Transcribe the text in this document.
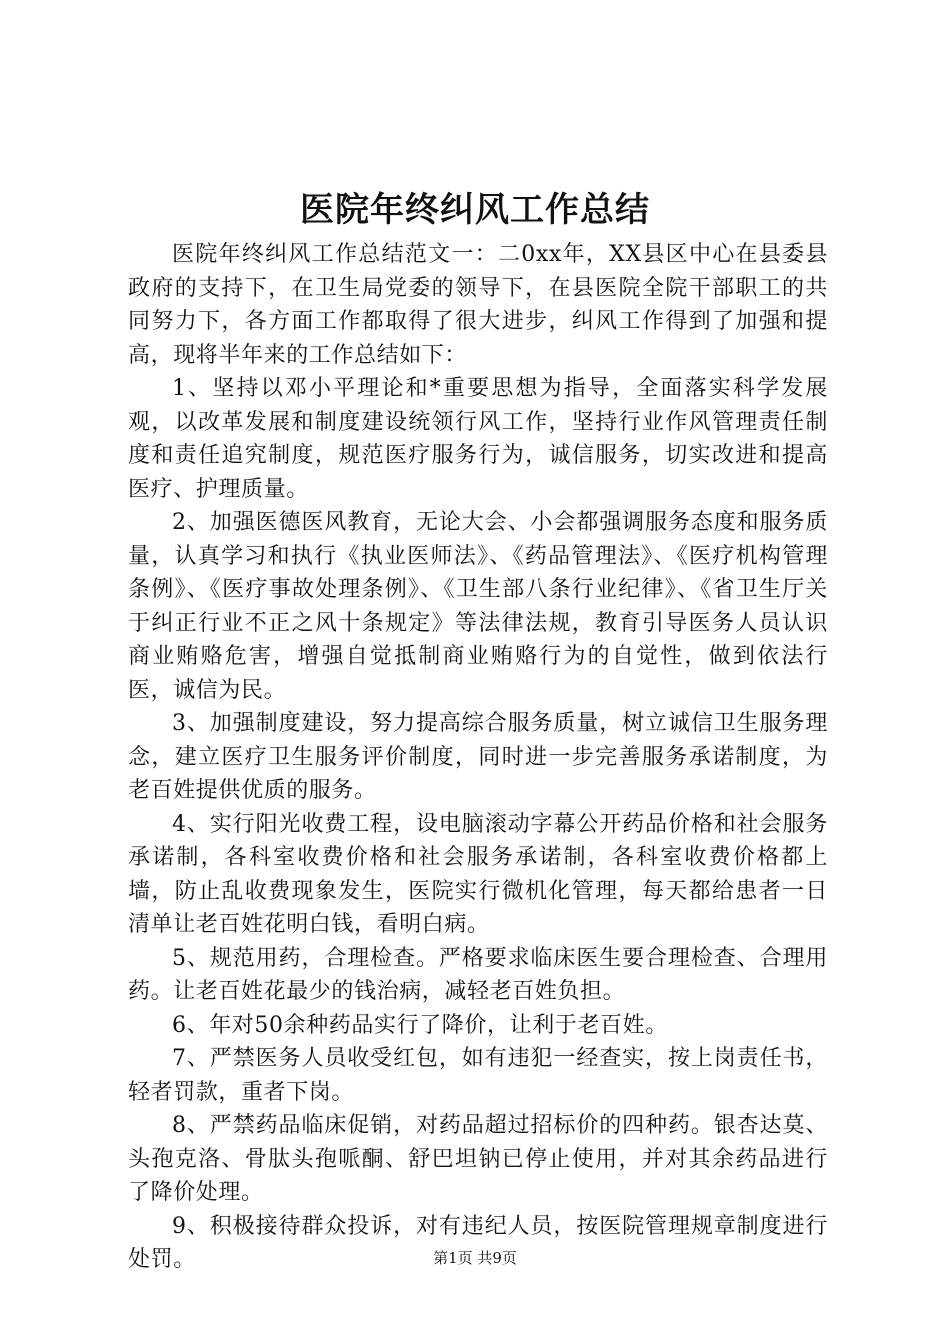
医院年终纠风工作总结

医院年终纠风工作总结范文一：二0xx年，XX县区中心在县委县政府的支持下，在卫生局党委的领导下，在县医院全院干部职工的共同努力下，各方面工作都取得了很大进步，纠风工作得到了加强和提高，现将半年来的工作总结如下：

1、坚持以邓小平理论和*重要思想为指导，全面落实科学发展观，以改革发展和制度建设统领行风工作，坚持行业作风管理责任制度和责任追究制度，规范医疗服务行为，诚信服务，切实改进和提高医疗、护理质量。

2、加强医德医风教育，无论大会、小会都强调服务态度和服务质量，认真学习和执行《执业医师法》、《药品管理法》、《医疗机构管理条例》、《医疗事故处理条例》、《卫生部八条行业纪律》、《省卫生厅关于纠正行业不正之风十条规定》等法律法规，教育引导医务人员认识商业贿赂危害，增强自觉抵制商业贿赂行为的自觉性，做到依法行医，诚信为民。

3、加强制度建设，努力提高综合服务质量，树立诚信卫生服务理念，建立医疗卫生服务评价制度，同时进一步完善服务承诺制度，为老百姓提供优质的服务。

4、实行阳光收费工程，设电脑滚动字幕公开药品价格和社会服务承诺制，各科室收费价格和社会服务承诺制，各科室收费价格都上墙，防止乱收费现象发生，医院实行微机化管理，每天都给患者一日清单让老百姓花明白钱，看明白病。

5、规范用药，合理检查。严格要求临床医生要合理检查、合理用药。让老百姓花最少的钱治病，减轻老百姓负担。

6、年对50余种药品实行了降价，让利于老百姓。

7、严禁医务人员收受红包，如有违犯一经查实，按上岗责任书，轻者罚款，重者下岗。

8、严禁药品临床促销，对药品超过招标价的四种药。银杏达莫、头孢克洛、骨肽头孢哌酮、舒巴坦钠已停止使用，并对其余药品进行了降价处理。

9、积极接待群众投诉，对有违纪人员，按医院管理规章制度进行处罚。	第1页 共9页
